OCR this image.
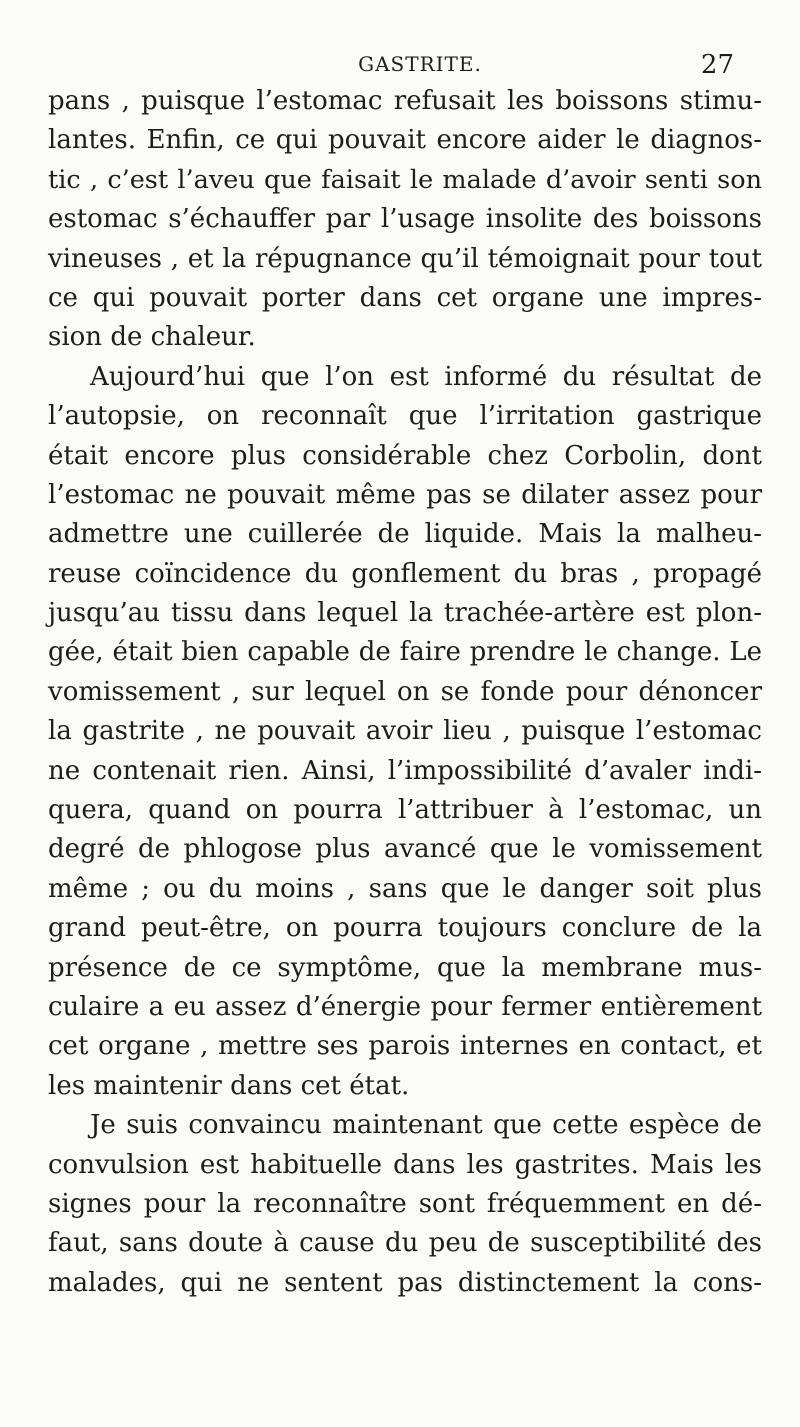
GASTRITE.	27
pans , puisque l’estomac refusait les boissons stimu-
lantes. Enfin, ce qui pouvait encore aider le diagnos-
tic , c’est l’aveu que faisait le malade d’avoir senti son
estomac s’échauffer par l’usage insolite des boissons
vineuses , et la répugnance qu’il témoignait pour tout
ce qui pouvait porter dans cet organe une impres-
sion de chaleur.
Aujourd’hui que l’on est informé du résultat de
l’autopsie, on reconnaît que l’irritation gastrique
était encore plus considérable chez Corbolin, dont
l’estomac ne pouvait même pas se dilater assez pour
admettre une cuillerée de liquide. Mais la malheu-
reuse coïncidence du gonflement du bras , propagé
jusqu’au tissu dans lequel la trachée-artère est plon-
gée, était bien capable de faire prendre le change. Le
vomissement , sur lequel on se fonde pour dénoncer
la gastrite , ne pouvait avoir lieu , puisque l’estomac
ne contenait rien. Ainsi, l’impossibilité d’avaler indi-
quera, quand on pourra l’attribuer à l’estomac, un
degré de phlogose plus avancé que le vomissement
même ; ou du moins , sans que le danger soit plus
grand peut-être, on pourra toujours conclure de la
présence de ce symptôme, que la membrane mus-
culaire a eu assez d’énergie pour fermer entièrement
cet organe , mettre ses parois internes en contact, et
les maintenir dans cet état.
Je suis convaincu maintenant que cette espèce de
convulsion est habituelle dans les gastrites. Mais les
signes pour la reconnaître sont fréquemment en dé-
faut, sans doute à cause du peu de susceptibilité des
malades, qui ne sentent pas distinctement la cons-
